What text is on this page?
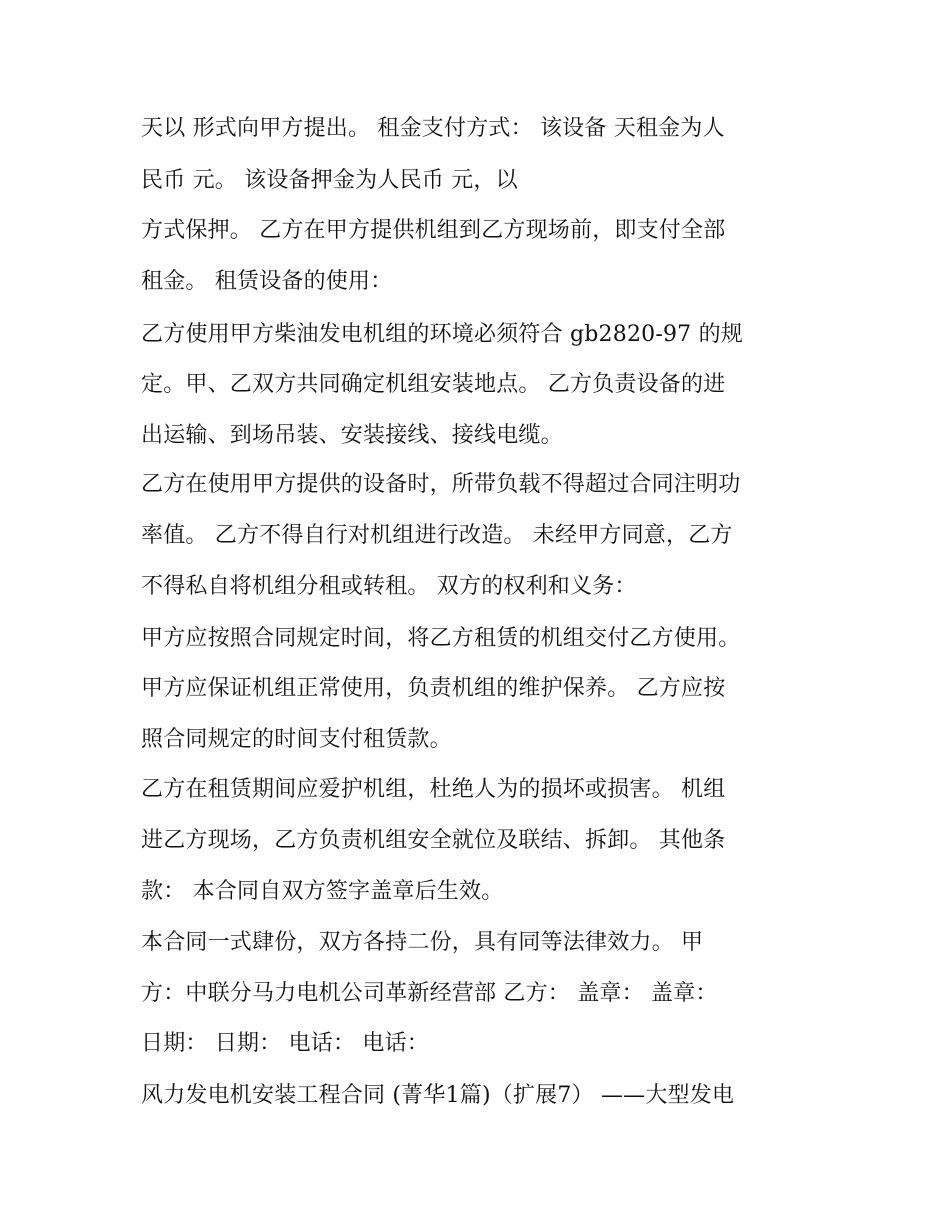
天以 形式向甲方提出。 租金支付方式： 该设备 天租金为人
民币 元。 该设备押金为人民币 元，以
方式保押。 乙方在甲方提供机组到乙方现场前，即支付全部
租金。 租赁设备的使用：
乙方使用甲方柴油发电机组的环境必须符合 gb2820-97 的规
定。甲、乙双方共同确定机组安装地点。 乙方负责设备的进
出运输、到场吊装、安装接线、接线电缆。
乙方在使用甲方提供的设备时，所带负载不得超过合同注明功
率值。 乙方不得自行对机组进行改造。 未经甲方同意，乙方
不得私自将机组分租或转租。 双方的权利和义务：
甲方应按照合同规定时间，将乙方租赁的机组交付乙方使用。
甲方应保证机组正常使用，负责机组的维护保养。 乙方应按
照合同规定的时间支付租赁款。
乙方在租赁期间应爱护机组，杜绝人为的损坏或损害。 机组
进乙方现场，乙方负责机组安全就位及联结、拆卸。 其他条
款： 本合同自双方签字盖章后生效。
本合同一式肆份，双方各持二份，具有同等法律效力。 甲
方：中联分马力电机公司革新经营部 乙方： 盖章： 盖章：
日期： 日期： 电话： 电话：
风力发电机安装工程合同 (菁华1篇)（扩展7） ——大型发电
